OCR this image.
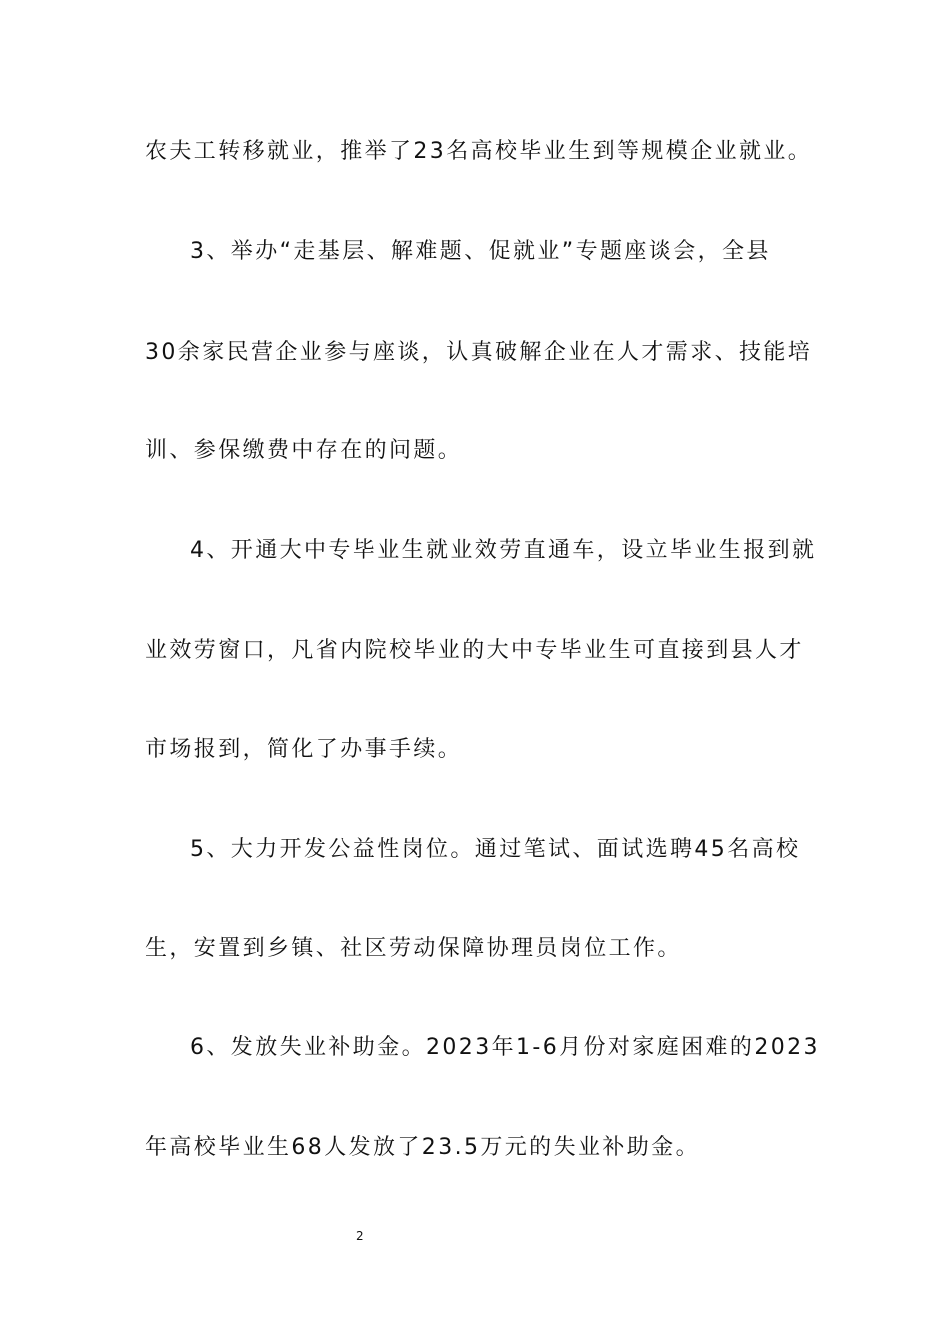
农夫工转移就业，推举了23名高校毕业生到等规模企业就业。
3、举办“走基层、解难题、促就业”专题座谈会，全县
30余家民营企业参与座谈，认真破解企业在人才需求、技能培
训、参保缴费中存在的问题。
4、开通大中专毕业生就业效劳直通车，设立毕业生报到就
业效劳窗口，凡省内院校毕业的大中专毕业生可直接到县人才
市场报到，简化了办事手续。
5、大力开发公益性岗位。通过笔试、面试选聘45名高校
生，安置到乡镇、社区劳动保障协理员岗位工作。
6、发放失业补助金。2023年1-6月份对家庭困难的2023
年高校毕业生68人发放了23.5万元的失业补助金。
2
